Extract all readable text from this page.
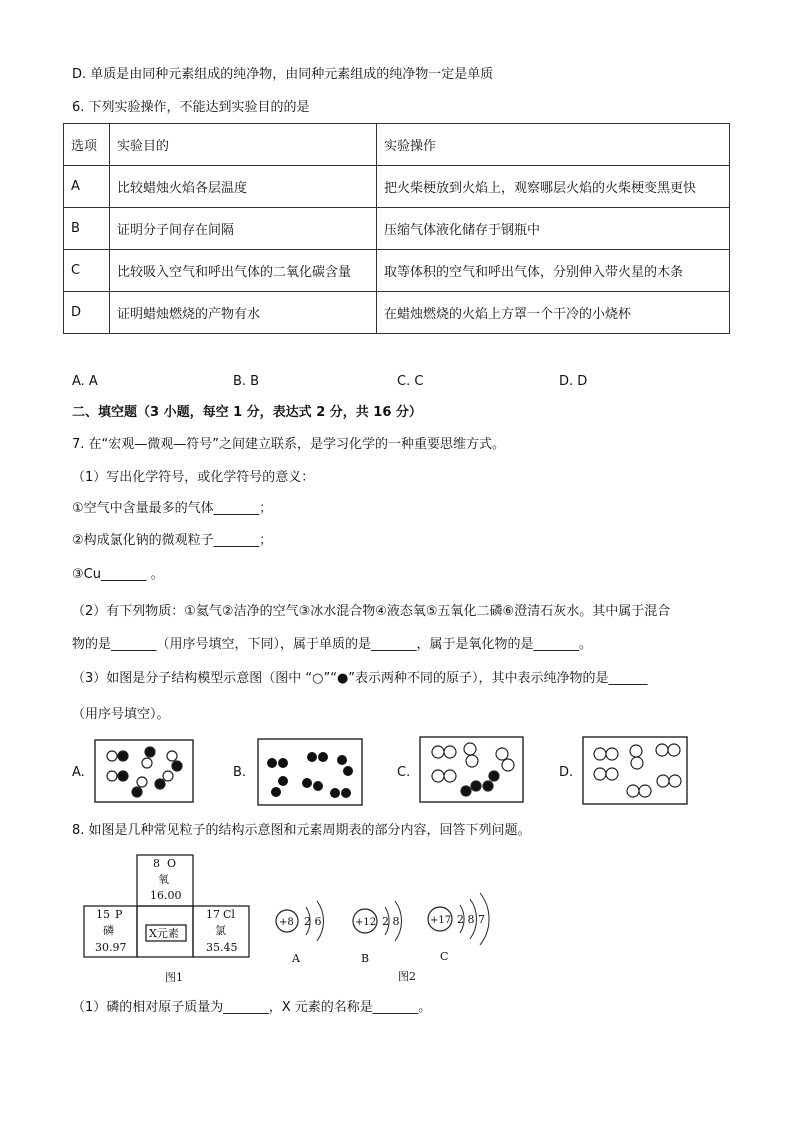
D. 单质是由同种元素组成的纯净物，由同种元素组成的纯净物一定是单质
6. 下列实验操作，不能达到实验目的的是
选项	实验目的	实验操作
A	比较蜡烛火焰各层温度	把火柴梗放到火焰上，观察哪层火焰的火柴梗变黑更快
B	证明分子间存在间隔	压缩气体液化储存于钢瓶中
C	比较吸入空气和呼出气体的二氧化碳含量	取等体积的空气和呼出气体，分别伸入带火星的木条
D	证明蜡烛燃烧的产物有水	在蜡烛燃烧的火焰上方罩一个干冷的小烧杯
A. A	B. B	C. C	D. D
二、填空题（3 小题，每空 1 分，表达式 2 分，共 16 分）
7. 在“宏观—微观—符号”之间建立联系，是学习化学的一种重要思维方式。
（1）写出化学符号，或化学符号的意义：
①空气中含量最多的气体_______；
②构成氯化钠的微观粒子_______；
③Cu_______ 。
（2）有下列物质：①氦气②洁净的空气③冰水混合物④液态氧⑤五氧化二磷⑥澄清石灰水。其中属于混合
物的是_______（用序号填空，下同），属于单质的是_______，属于是氧化物的是_______。
（3）如图是分子结构模型示意图（图中 “○”“●”表示两种不同的原子），其中表示纯净物的是______
（用序号填空）。
A.	B.	C.	D.
8. 如图是几种常见粒子的结构示意图和元素周期表的部分内容，回答下列问题。
8 O
氧
16.00
15 P
磷
30.97
X元素
17 Cl
氯
35.45
图1
+8 2 6
A
+12 2 8
B
+17 2 8 7
C
图2
（1）磷的相对原子质量为_______，X 元素的名称是_______。
